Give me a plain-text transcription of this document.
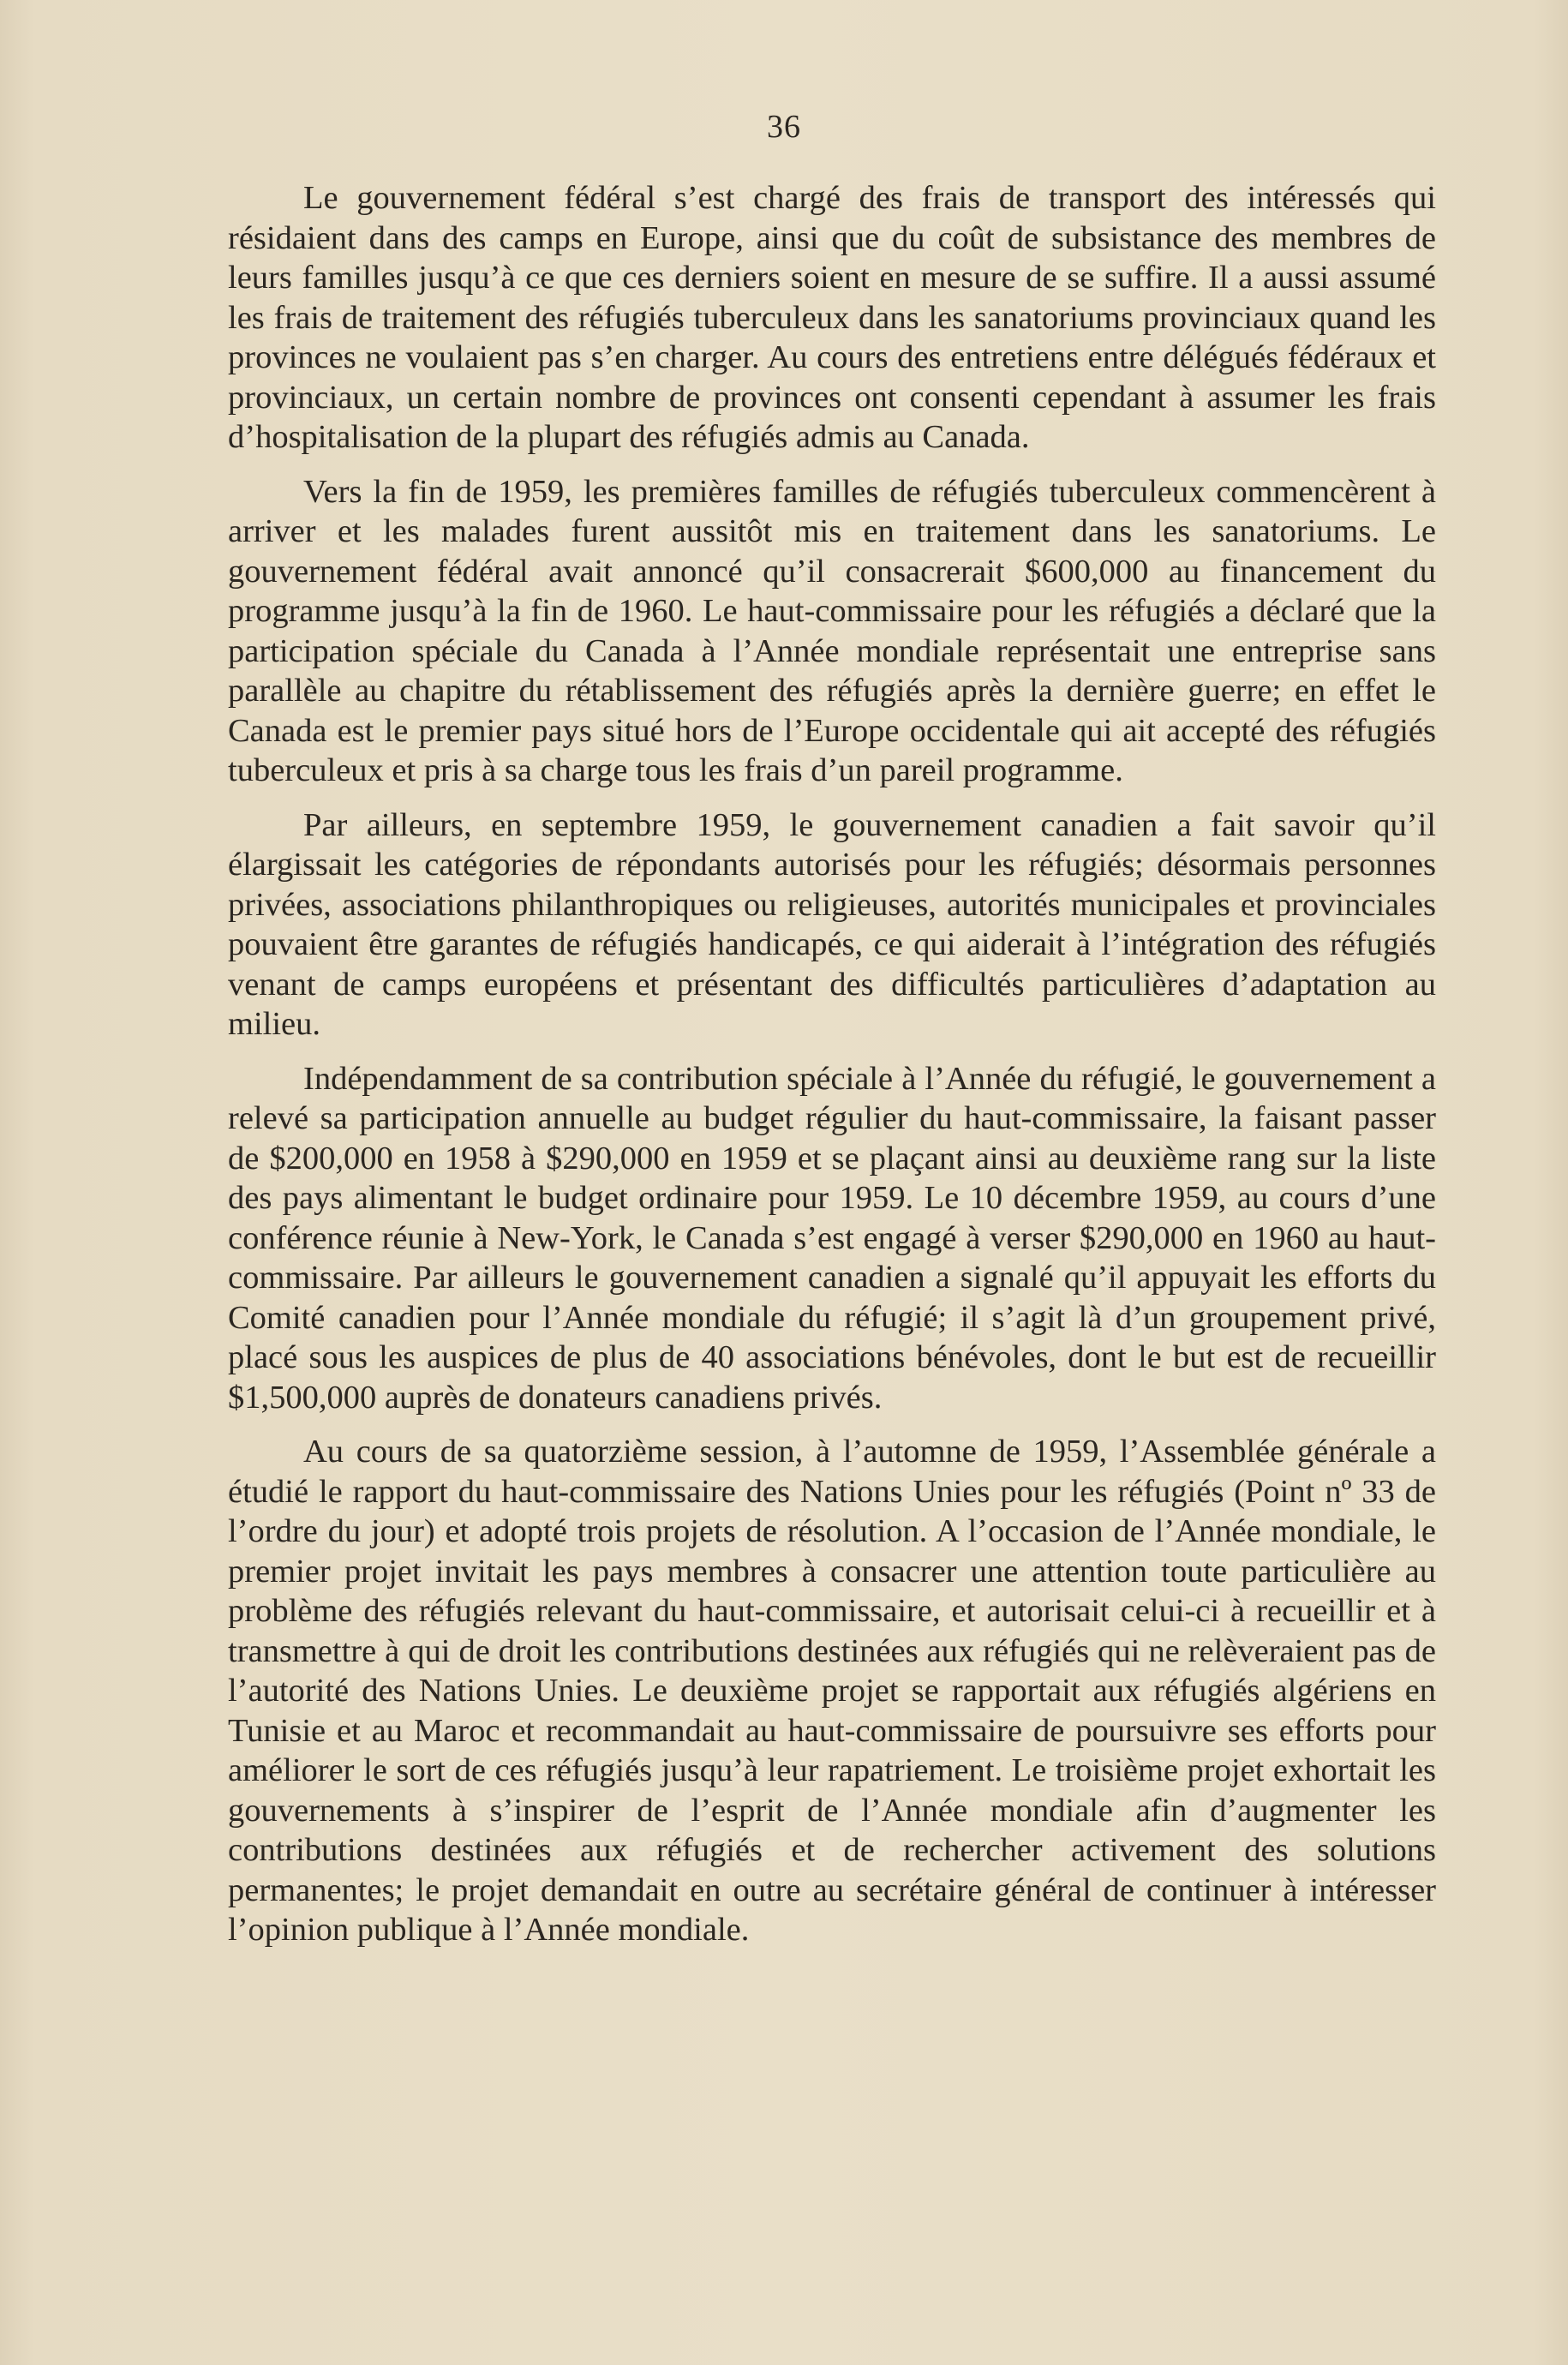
36

Le gouvernement fédéral s’est chargé des frais de transport des intéressés qui résidaient dans des camps en Europe, ainsi que du coût de subsistance des membres de leurs familles jusqu’à ce que ces derniers soient en mesure de se suffire. Il a aussi assumé les frais de traitement des réfugiés tuberculeux dans les sanatoriums provinciaux quand les provinces ne voulaient pas s’en charger. Au cours des entretiens entre délégués fédéraux et provinciaux, un certain nombre de provinces ont consenti cependant à assumer les frais d’hospitalisation de la plupart des réfugiés admis au Canada.

Vers la fin de 1959, les premières familles de réfugiés tuberculeux commencèrent à arriver et les malades furent aussitôt mis en traitement dans les sanatoriums. Le gouvernement fédéral avait annoncé qu’il consacrerait $600,000 au financement du programme jusqu’à la fin de 1960. Le haut-commissaire pour les réfugiés a déclaré que la participation spéciale du Canada à l’Année mondiale représentait une entreprise sans parallèle au chapitre du rétablissement des réfugiés après la dernière guerre; en effet le Canada est le premier pays situé hors de l’Europe occidentale qui ait accepté des réfugiés tuberculeux et pris à sa charge tous les frais d’un pareil programme.

Par ailleurs, en septembre 1959, le gouvernement canadien a fait savoir qu’il élargissait les catégories de répondants autorisés pour les réfugiés; désormais personnes privées, associations philanthropiques ou religieuses, autorités municipales et provinciales pouvaient être garantes de réfugiés handicapés, ce qui aiderait à l’intégration des réfugiés venant de camps européens et présentant des difficultés particulières d’adaptation au milieu.

Indépendamment de sa contribution spéciale à l’Année du réfugié, le gouvernement a relevé sa participation annuelle au budget régulier du haut-commissaire, la faisant passer de $200,000 en 1958 à $290,000 en 1959 et se plaçant ainsi au deuxième rang sur la liste des pays alimentant le budget ordinaire pour 1959. Le 10 décembre 1959, au cours d’une conférence réunie à New-York, le Canada s’est engagé à verser $290,000 en 1960 au haut-commissaire. Par ailleurs le gouvernement canadien a signalé qu’il appuyait les efforts du Comité canadien pour l’Année mondiale du réfugié; il s’agit là d’un groupement privé, placé sous les auspices de plus de 40 associations bénévoles, dont le but est de recueillir $1,500,000 auprès de donateurs canadiens privés.

Au cours de sa quatorzième session, à l’automne de 1959, l’Assemblée générale a étudié le rapport du haut-commissaire des Nations Unies pour les réfugiés (Point nº 33 de l’ordre du jour) et adopté trois projets de résolution. A l’occasion de l’Année mondiale, le premier projet invitait les pays membres à consacrer une attention toute particulière au problème des réfugiés relevant du haut-commissaire, et autorisait celui-ci à recueillir et à transmettre à qui de droit les contributions destinées aux réfugiés qui ne relèveraient pas de l’autorité des Nations Unies. Le deuxième projet se rapportait aux réfugiés algériens en Tunisie et au Maroc et recommandait au haut-commissaire de poursuivre ses efforts pour améliorer le sort de ces réfugiés jusqu’à leur rapatriement. Le troisième projet exhortait les gouvernements à s’inspirer de l’esprit de l’Année mondiale afin d’augmenter les contributions destinées aux réfugiés et de rechercher activement des solutions permanentes; le projet demandait en outre au secrétaire général de continuer à intéresser l’opinion publique à l’Année mondiale.
